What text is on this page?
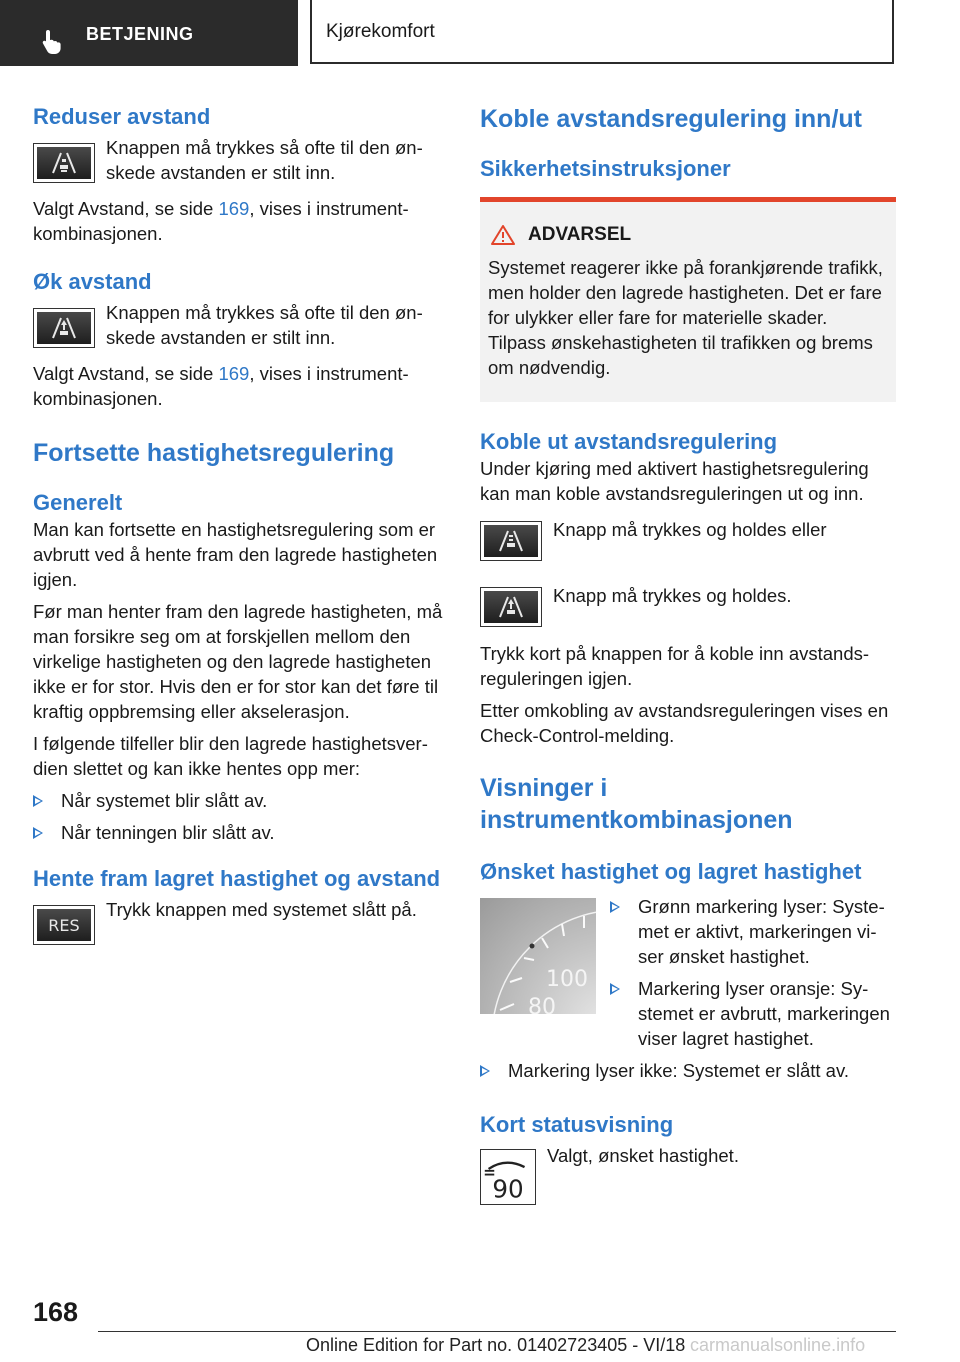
BETJENING	Kjørekomfort
Reduser avstand

Knappen må trykkes så ofte til den ønskede avstanden er stilt inn.

Valgt Avstand, se side 169, vises i instrumentkombinasjonen.

Øk avstand

Knappen må trykkes så ofte til den ønskede avstanden er stilt inn.

Valgt Avstand, se side 169, vises i instrumentkombinasjonen.

Fortsette hastighetsregulering
Generelt

Man kan fortsette en hastighetsregulering som er avbrutt ved å hente fram den lagrede hastigheten igjen.

Før man henter fram den lagrede hastigheten, må man forsikre seg om at forskjellen mellom den virkelige hastigheten og den lagrede hastigheten ikke er for stor. Hvis den er for stor kan det føre til kraftig oppbremsing eller akselerasjon.

I følgende tilfeller blir den lagrede hastighetsverdien slettet og kan ikke hentes opp mer:

Når systemet blir slått av.
Når tenningen blir slått av.
Hente fram lagret hastighet og avstand
RES

Trykk knappen med systemet slått på.

Koble avstandsregulering inn/ut
Sikkerhetsinstruksjoner
ADVARSEL

Systemet reagerer ikke på forankjørende trafikk, men holder den lagrede hastigheten. Det er fare for ulykker eller fare for materielle skader. Tilpass ønskehastigheten til trafikken og brems om nødvendig.

Koble ut avstandsregulering

Under kjøring med aktivert hastighetsregulering kan man koble avstandsreguleringen ut og inn.

Knapp må trykkes og holdes eller

Knapp må trykkes og holdes.

Trykk kort på knappen for å koble inn avstandsreguleringen igjen.

Etter omkobling av avstandsreguleringen vises en Check-Control-melding.

Visninger i instrumentkombinasjonen
Ønsket hastighet og lagret hastighet
100
80
Grønn markering lyser: Systemet er aktivt, markeringen viser ønsket hastighet.
Markering lyser oransje: Systemet er avbrutt, markeringen viser lagret hastighet.
Markering lyser ikke: Systemet er slått av.
Kort statusvisning
90

Valgt, ønsket hastighet.

168
Online Edition for Part no. 01402723405 - VI/18 carmanualsonline.info
